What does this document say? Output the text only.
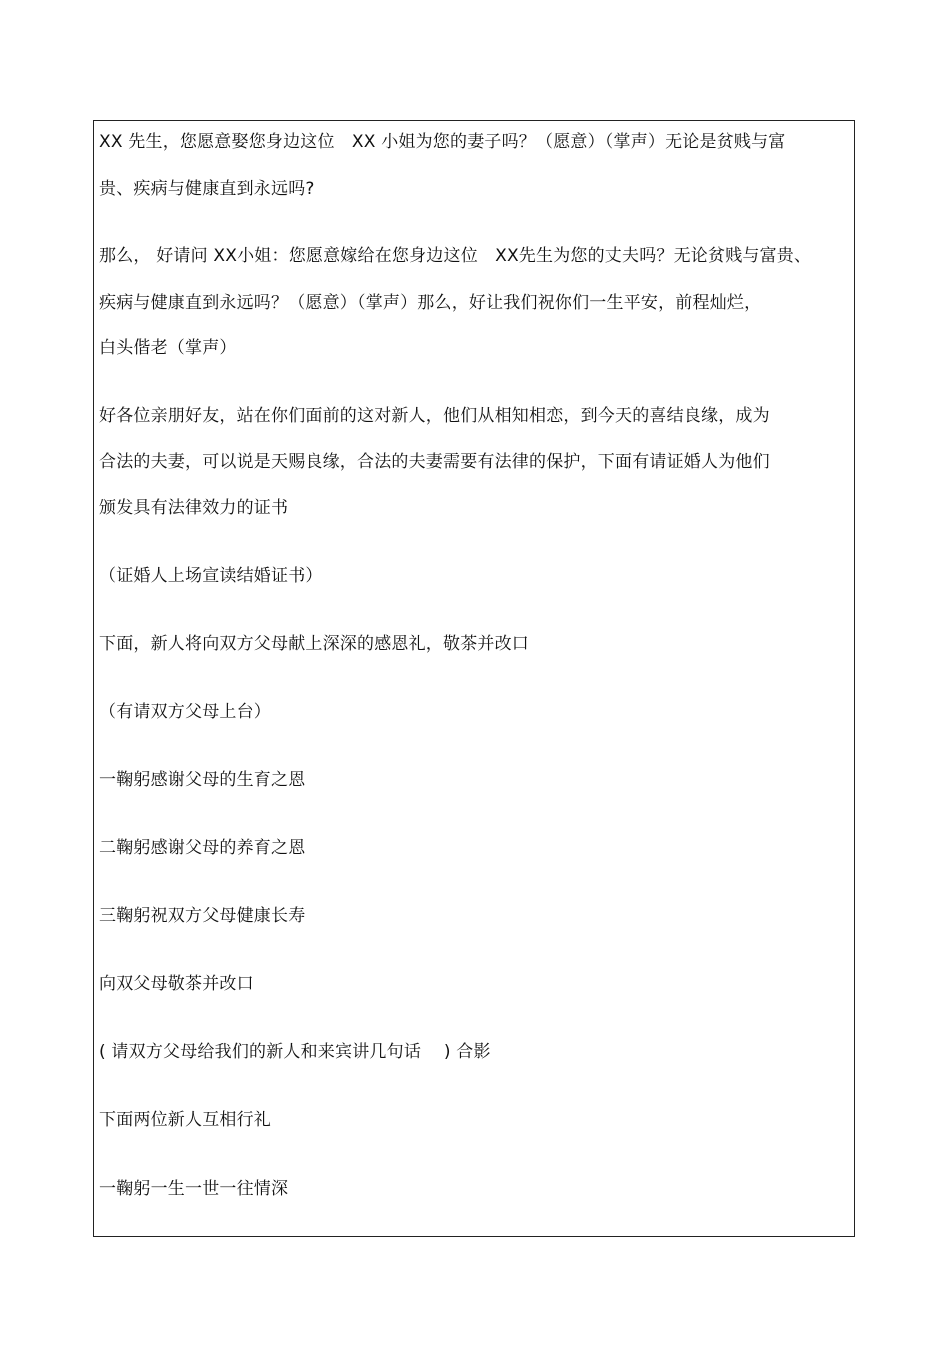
XX 先生，您愿意娶您身边这位　XX 小姐为您的妻子吗？（愿意）（掌声）无论是贫贱与富
贵、疾病与健康直到永远吗?
那么， 好请问 XX小姐：您愿意嫁给在您身边这位　XX先生为您的丈夫吗？无论贫贱与富贵、
疾病与健康直到永远吗？（愿意）（掌声）那么，好让我们祝你们一生平安，前程灿烂，
白头偕老（掌声）
好各位亲朋好友，站在你们面前的这对新人，他们从相知相恋，到今天的喜结良缘，成为
合法的夫妻，可以说是天赐良缘，合法的夫妻需要有法律的保护，下面有请证婚人为他们
颁发具有法律效力的证书
（证婚人上场宣读结婚证书）
下面，新人将向双方父母献上深深的感恩礼，敬茶并改口
（有请双方父母上台）
一鞠躬感谢父母的生育之恩
二鞠躬感谢父母的养育之恩
三鞠躬祝双方父母健康长寿
向双父母敬茶并改口
( 请双方父母给我们的新人和来宾讲几句话　 ) 合影
下面两位新人互相行礼
一鞠躬一生一世一往情深
